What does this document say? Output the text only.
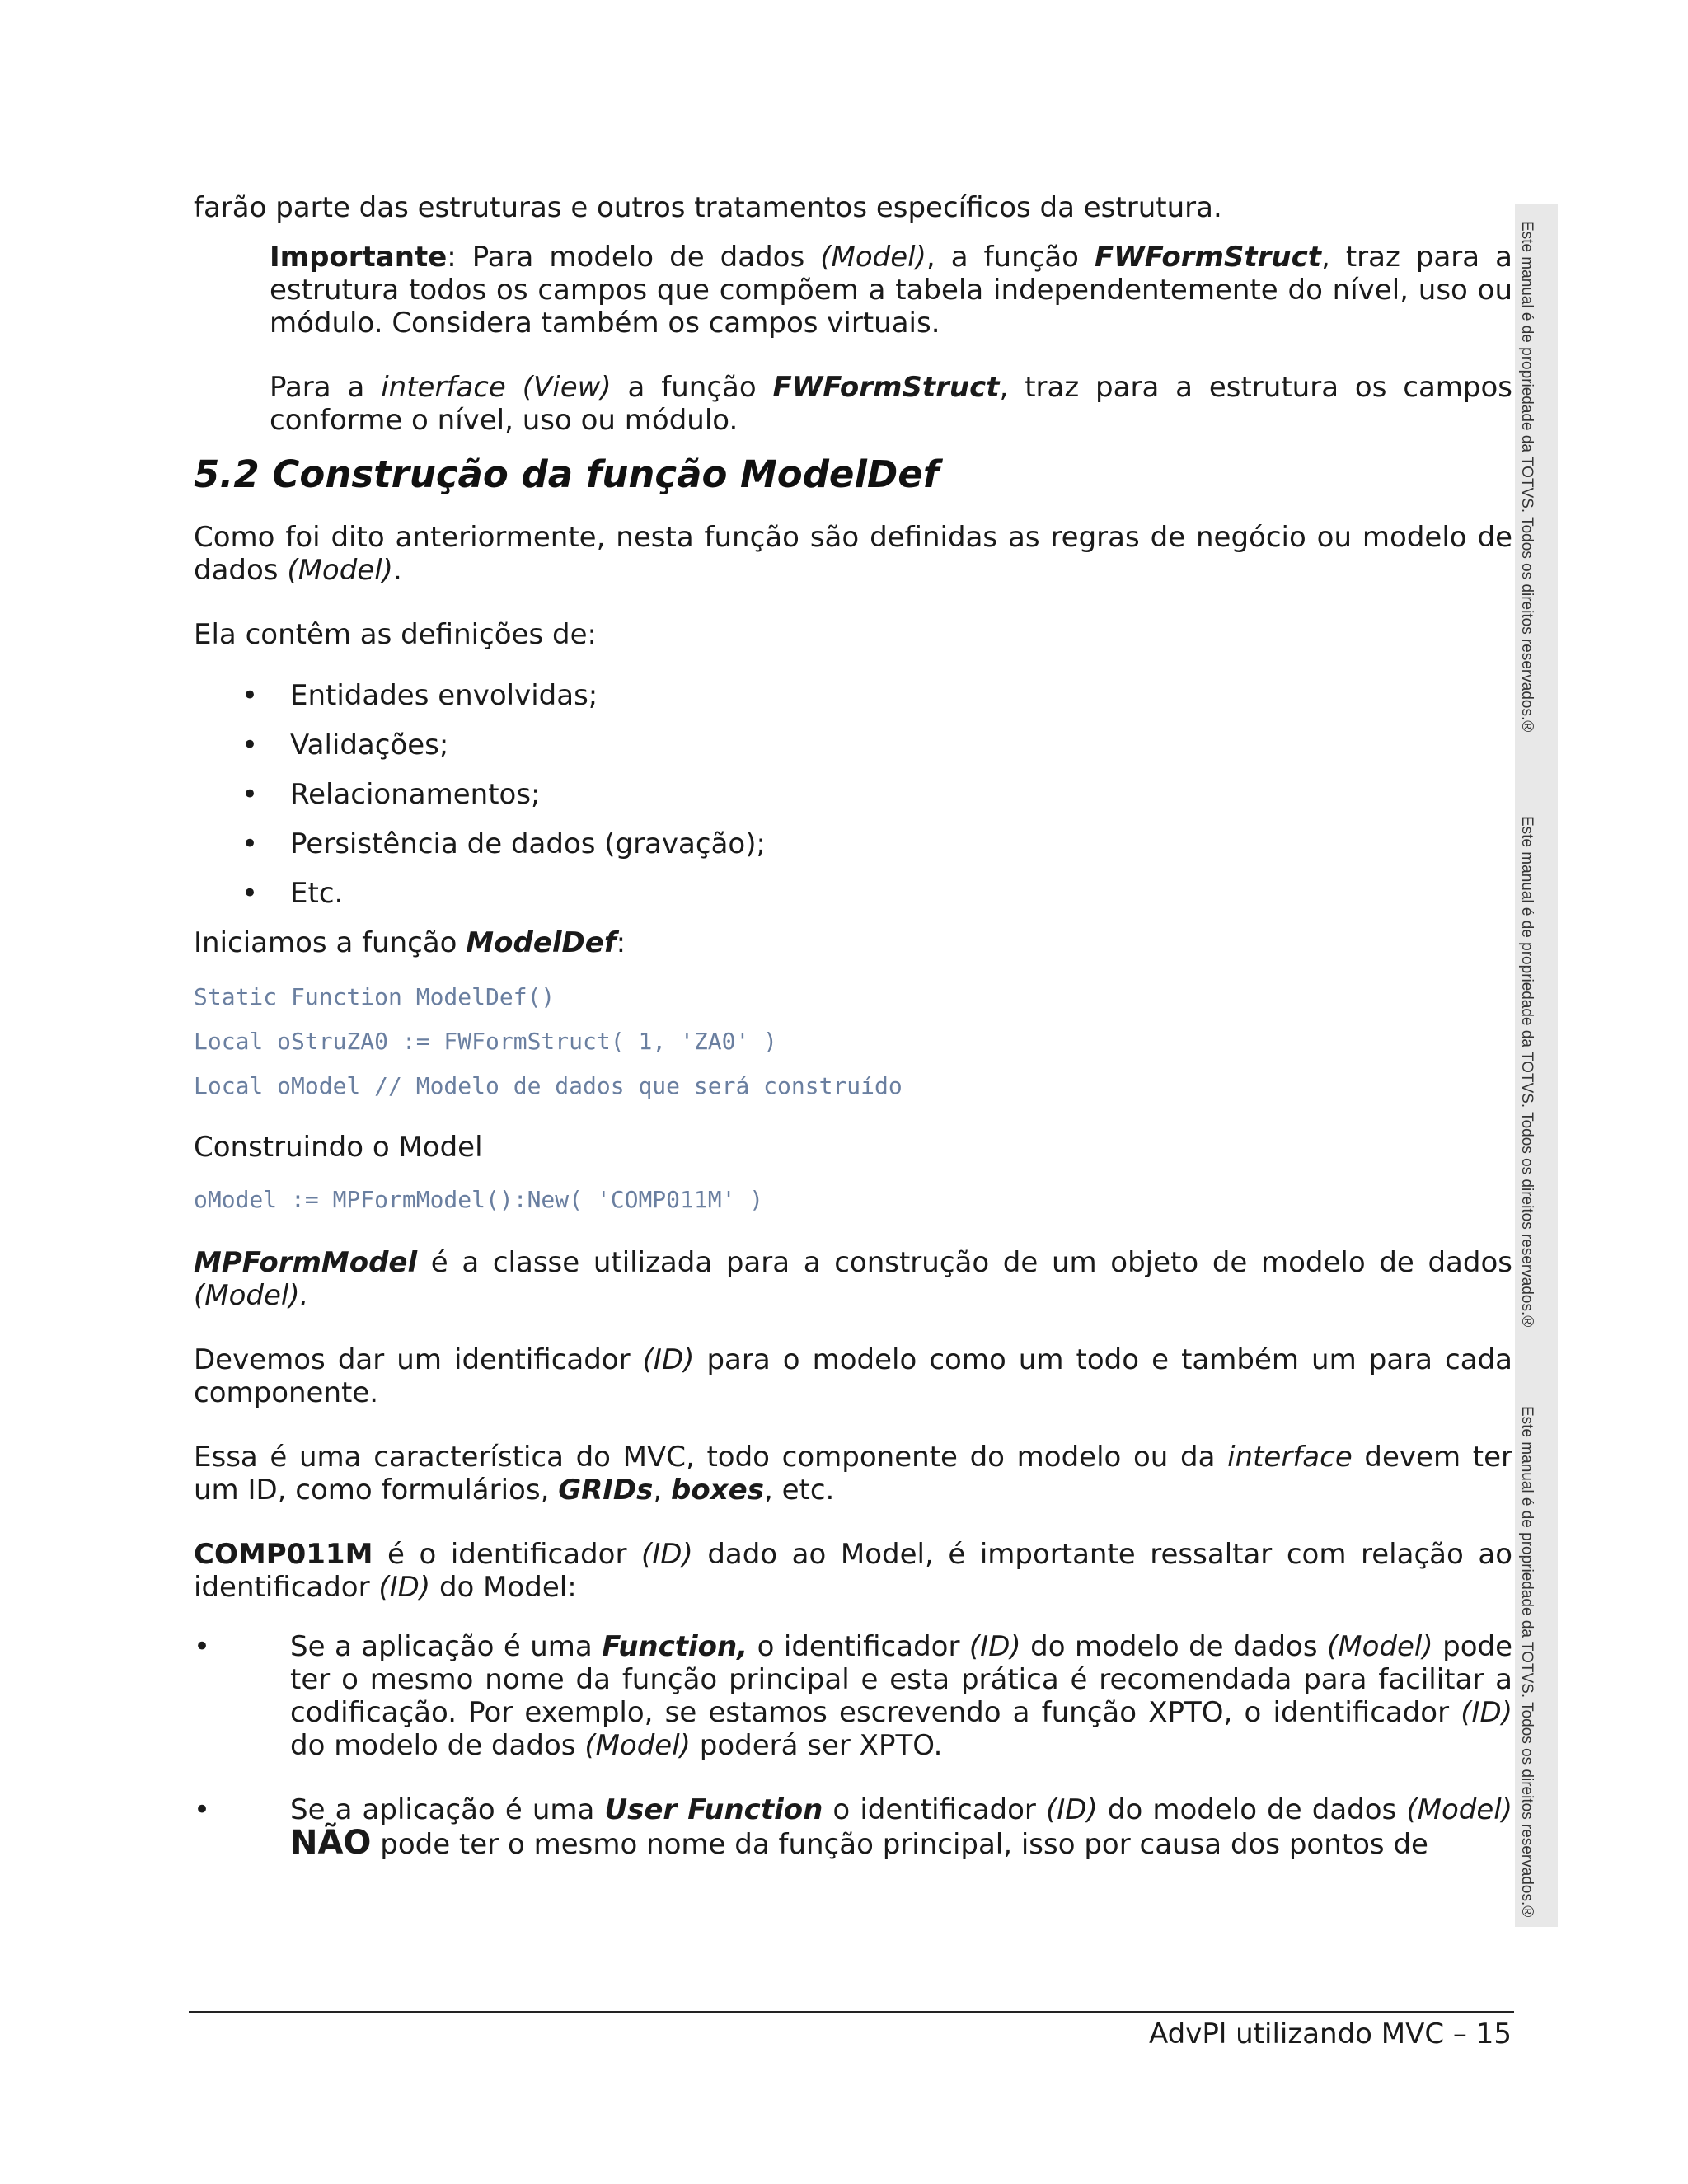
farão parte das estruturas e outros tratamentos específicos da estrutura.

Importante: Para modelo de dados (Model), a função FWFormStruct, traz para a estrutura todos os campos que compõem a tabela independentemente do nível, uso ou módulo. Considera também os campos virtuais.

Para a interface (View) a função FWFormStruct, traz para a estrutura os campos conforme o nível, uso ou módulo.

5.2 Construção da função ModelDef

Como foi dito anteriormente, nesta função são definidas as regras de negócio ou modelo de dados (Model).

Ela contêm as definições de:

• Entidades envolvidas;
• Validações;
• Relacionamentos;
• Persistência de dados (gravação);
• Etc.

Iniciamos a função ModelDef:

Static Function ModelDef()

Local oStruZA0 := FWFormStruct( 1, 'ZA0' )

Local oModel // Modelo de dados que será construído

Construindo o Model

oModel := MPFormModel():New( 'COMP011M' )

MPFormModel é a classe utilizada para a construção de um objeto de modelo de dados (Model).

Devemos dar um identificador (ID) para o modelo como um todo e também um para cada componente.

Essa é uma característica do MVC, todo componente do modelo ou da interface devem ter um ID, como formulários, GRIDs, boxes, etc.

COMP011M é o identificador (ID) dado ao Model, é importante ressaltar com relação ao identificador (ID) do Model:

•	Se a aplicação é uma Function, o identificador (ID) do modelo de dados (Model) pode ter o mesmo nome da função principal e esta prática é recomendada para facilitar a codificação. Por exemplo, se estamos escrevendo a função XPTO, o identificador (ID) do modelo de dados (Model) poderá ser XPTO.
•	Se a aplicação é uma User Function o identificador (ID) do modelo de dados (Model) NÃO pode ter o mesmo nome da função principal, isso por causa dos pontos de
Este manual é de propriedade da TOTVS. Todos os direitos reservados.®
Este manual é de propriedade da TOTVS. Todos os direitos reservados.®
Este manual é de propriedade da TOTVS. Todos os direitos reservados.®
AdvPl utilizando MVC – 15
